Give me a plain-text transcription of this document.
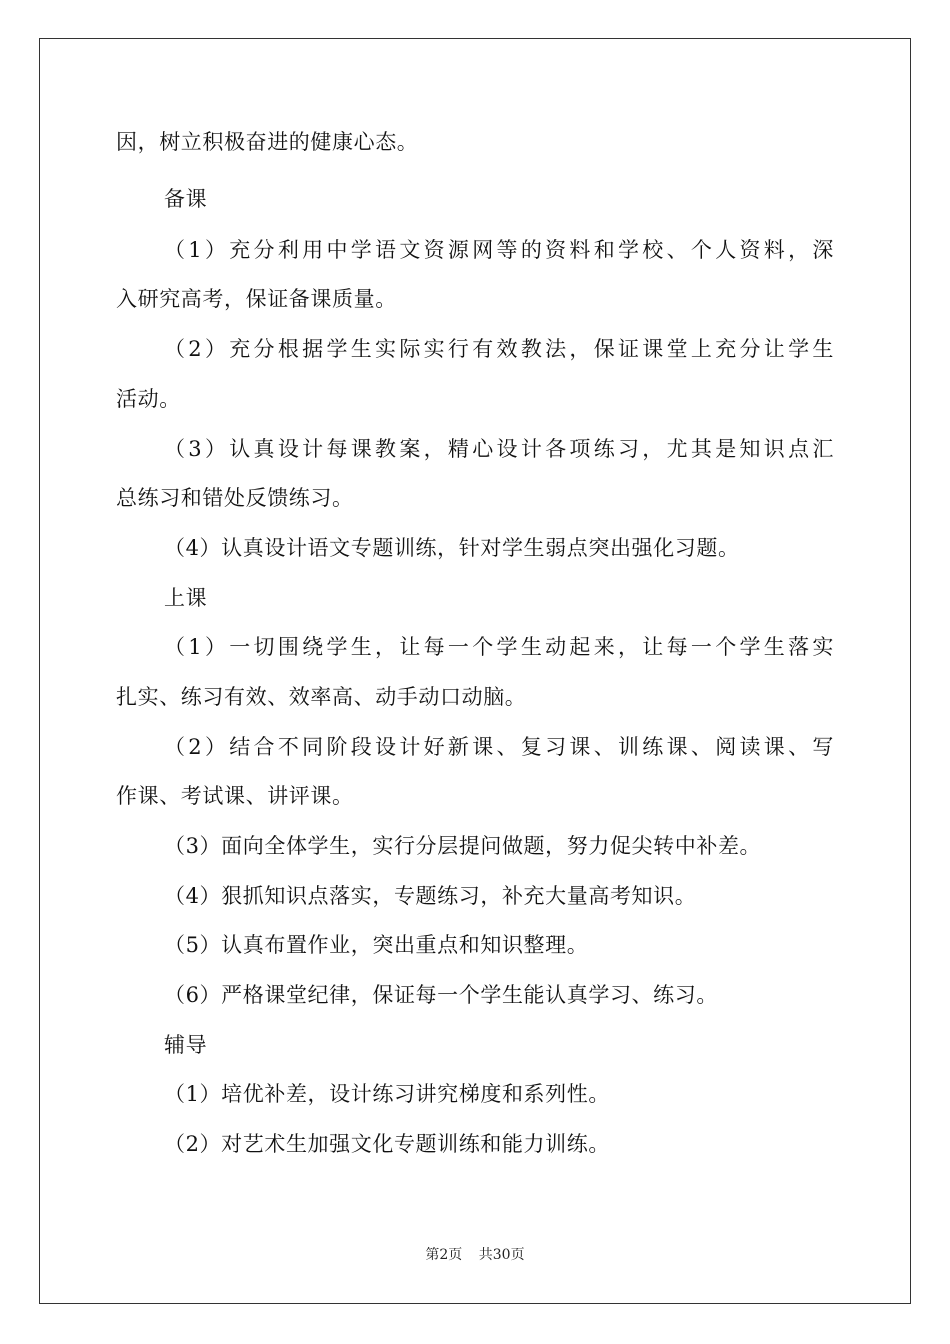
因，树立积极奋进的健康心态。
备课
（1）充分利用中学语文资源网等的资料和学校、个人资料，深
入研究高考，保证备课质量。
（2）充分根据学生实际实行有效教法，保证课堂上充分让学生
活动。
（3）认真设计每课教案，精心设计各项练习，尤其是知识点汇
总练习和错处反馈练习。
（4）认真设计语文专题训练，针对学生弱点突出强化习题。
上课
（1）一切围绕学生，让每一个学生动起来，让每一个学生落实
扎实、练习有效、效率高、动手动口动脑。
（2）结合不同阶段设计好新课、复习课、训练课、阅读课、写
作课、考试课、讲评课。
（3）面向全体学生，实行分层提问做题，努力促尖转中补差。
（4）狠抓知识点落实，专题练习，补充大量高考知识。
（5）认真布置作业，突出重点和知识整理。
（6）严格课堂纪律，保证每一个学生能认真学习、练习。
辅导
（1）培优补差，设计练习讲究梯度和系列性。
（2）对艺术生加强文化专题训练和能力训练。
第2页 共30页
